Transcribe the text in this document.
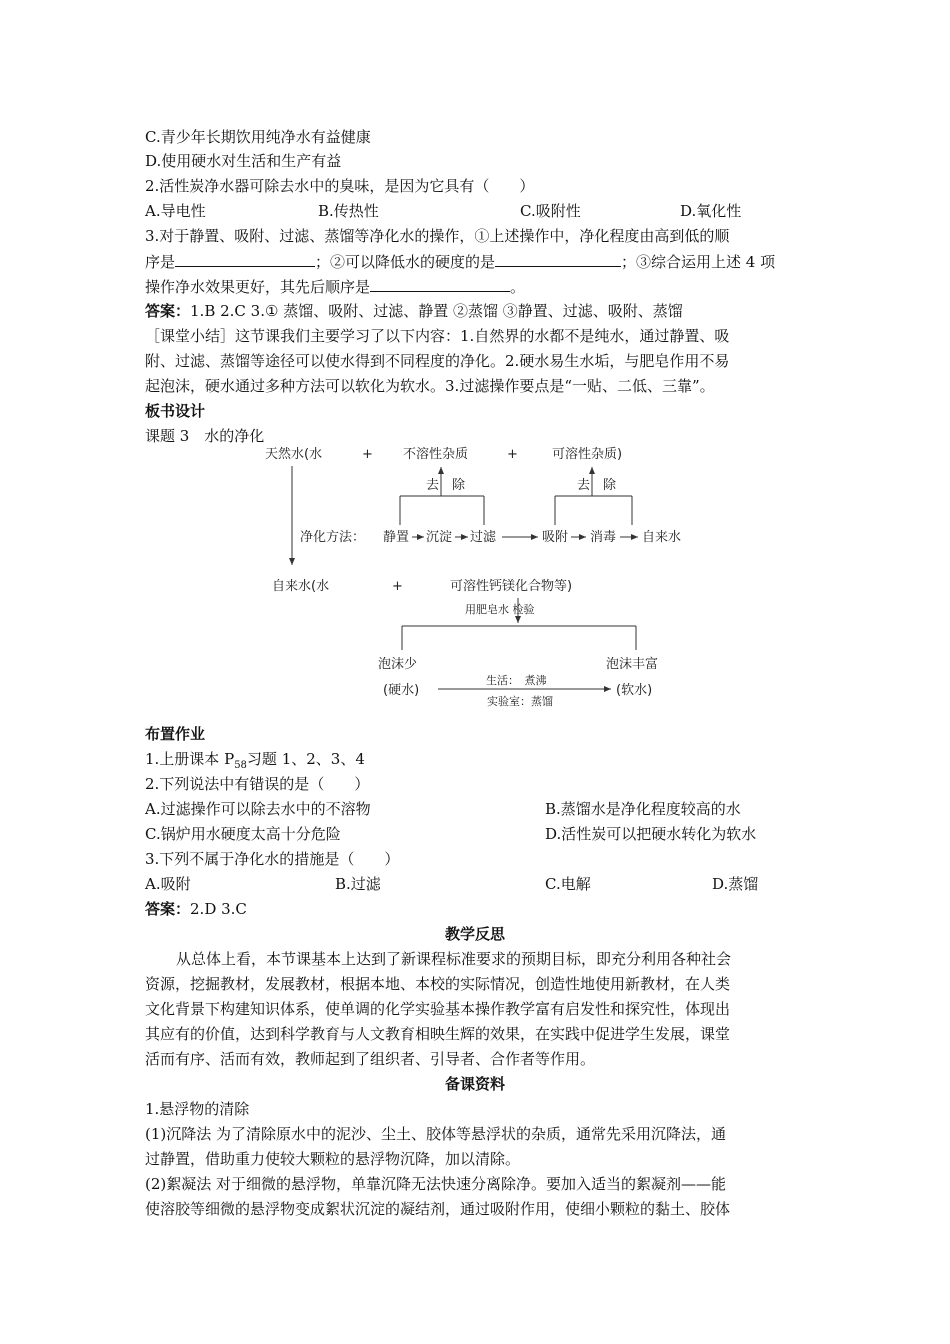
C.青少年长期饮用纯净水有益健康
D.使用硬水对生活和生产有益
2.活性炭净水器可除去水中的臭味，是因为它具有（　　）
A.导电性	B.传热性	C.吸附性	D.氧化性
3.对于静置、吸附、过滤、蒸馏等净化水的操作，①上述操作中，净化程度由高到低的顺
序是	；②可以降低水的硬度的是	；③综合运用上述 4 项
操作净水效果更好，其先后顺序是	。
答案：1.B 2.C 3.① 蒸馏、吸附、过滤、静置 ②蒸馏 ③静置、过滤、吸附、蒸馏
［课堂小结］这节课我们主要学习了以下内容：1.自然界的水都不是纯水，通过静置、吸
附、过滤、蒸馏等途径可以使水得到不同程度的净化。2.硬水易生水垢，与肥皂作用不易
起泡沫，硬水通过多种方法可以软化为软水。3.过滤操作要点是“一贴、二低、三靠”。
板书设计
课题 3　水的净化
天然水(水	+ 不溶性杂质	+	可溶性杂质)
去　除	去　除
净化方法： 静置 沉淀 过滤	吸附 消毒 自来水
自来水(水	+	可溶性钙镁化合物等)
用肥皂水 检验
泡沫少	泡沫丰富
(硬水)	(软水)
生活：　煮沸
实验室：蒸馏
布置作业
1.上册课本 $P_{58}$习题 1、2、3、4
2.下列说法中有错误的是（　　）
A.过滤操作可以除去水中的不溶物	B.蒸馏水是净化程度较高的水
C.锅炉用水硬度太高十分危险	D.活性炭可以把硬水转化为软水
3.下列不属于净化水的措施是（　　）
A.吸附	B.过滤	C.电解	D.蒸馏
答案：2.D 3.C
教学反思
从总体上看，本节课基本上达到了新课程标准要求的预期目标，即充分利用各种社会
资源，挖掘教材，发展教材，根据本地、本校的实际情况，创造性地使用新教材，在人类
文化背景下构建知识体系，使单调的化学实验基本操作教学富有启发性和探究性，体现出
其应有的价值，达到科学教育与人文教育相映生辉的效果，在实践中促进学生发展，课堂
活而有序、活而有效，教师起到了组织者、引导者、合作者等作用。
备课资料
1.悬浮物的清除
(1)沉降法 为了清除原水中的泥沙、尘土、胶体等悬浮状的杂质，通常先采用沉降法，通
过静置，借助重力使较大颗粒的悬浮物沉降，加以清除。
(2)絮凝法 对于细微的悬浮物，单靠沉降无法快速分离除净。要加入适当的絮凝剂——能
使溶胶等细微的悬浮物变成絮状沉淀的凝结剂，通过吸附作用，使细小颗粒的黏土、胶体
